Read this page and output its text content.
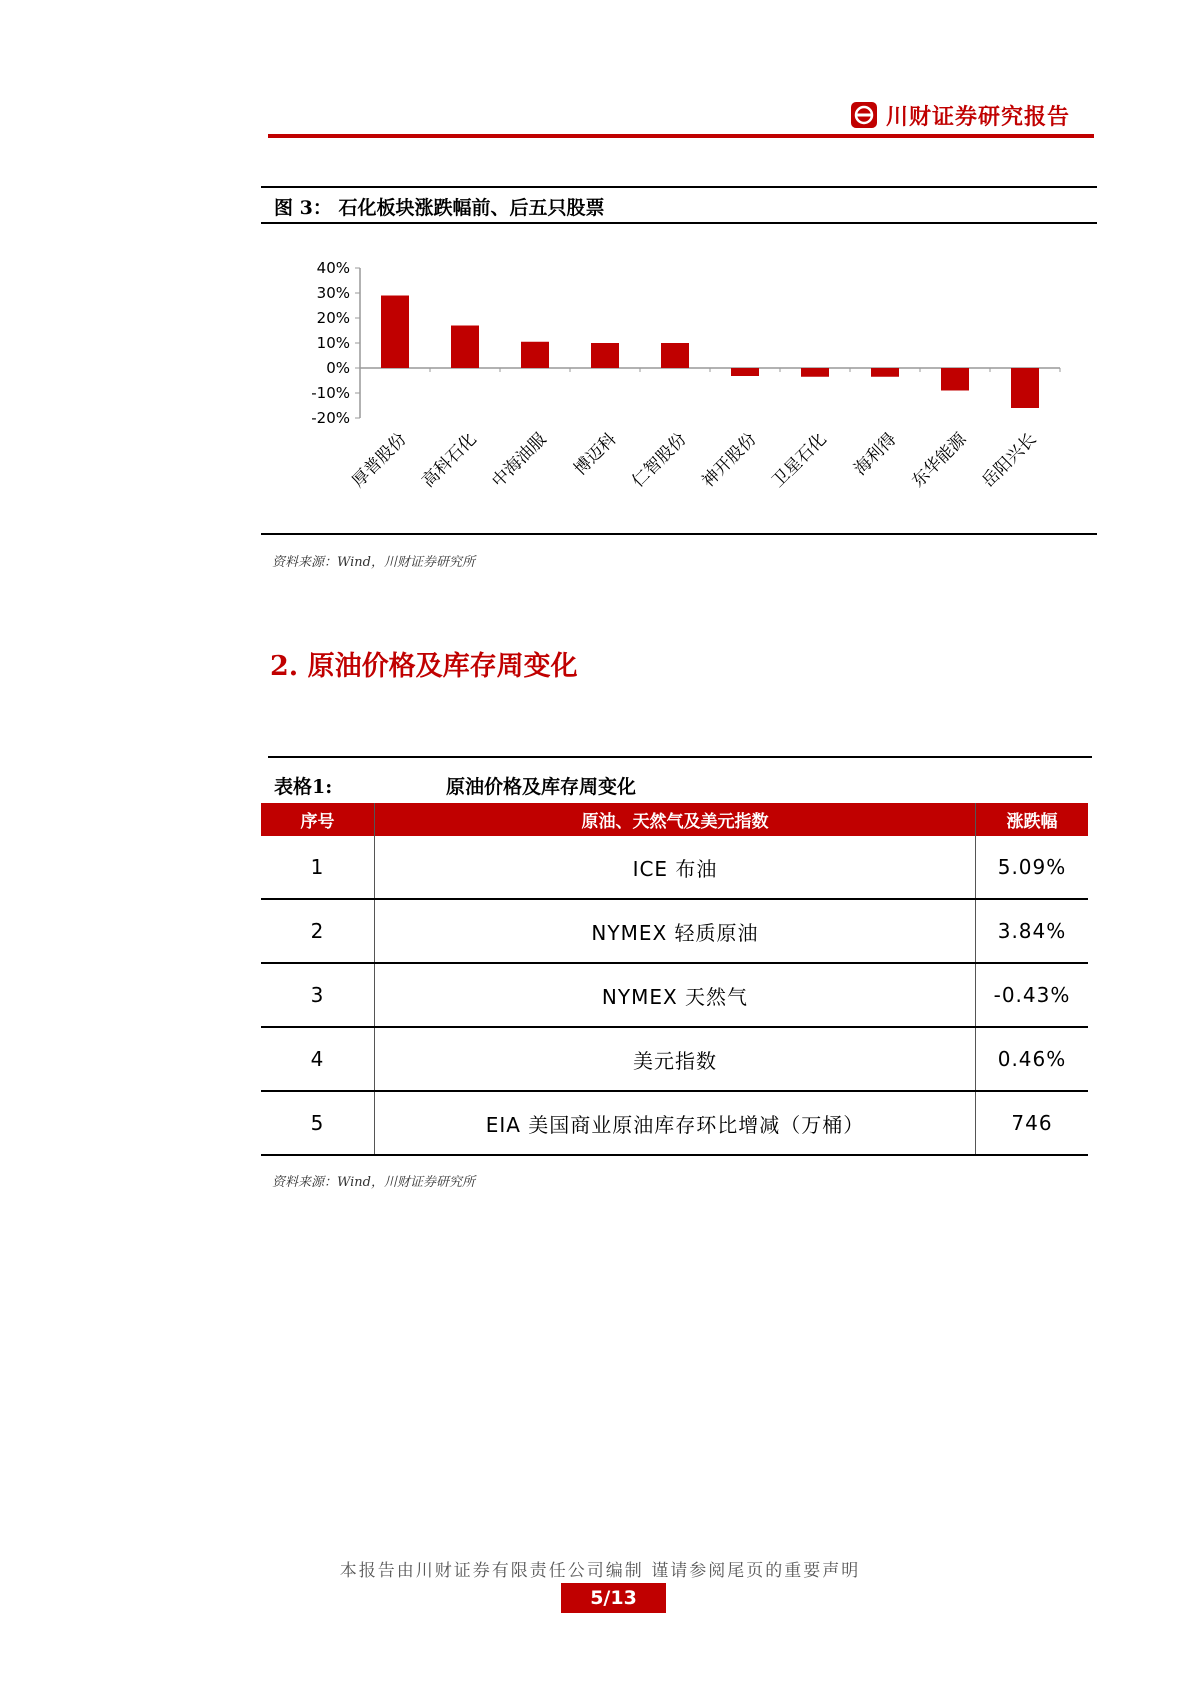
川财证券研究报告
图 3： 石化板块涨跌幅前、后五只股票
40%
30%
20%
10%
0%
-10%
-20%
厚普股份 高科石化 中海油服 博迈科 仁智股份 神开股份 卫星石化 海利得 东华能源 岳阳兴长
资料来源：Wind，川财证券研究所
2. 原油价格及库存周变化
表格1:	原油价格及库存周变化
序号	原油、天然气及美元指数	涨跌幅
1	ICE 布油	5.09%
2	NYMEX 轻质原油	3.84%
3	NYMEX 天然气	-0.43%
4	美元指数	0.46%
5	EIA 美国商业原油库存环比增减（万桶）	746
资料来源：Wind，川财证券研究所
本报告由川财证券有限责任公司编制 谨请参阅尾页的重要声明
5/13
